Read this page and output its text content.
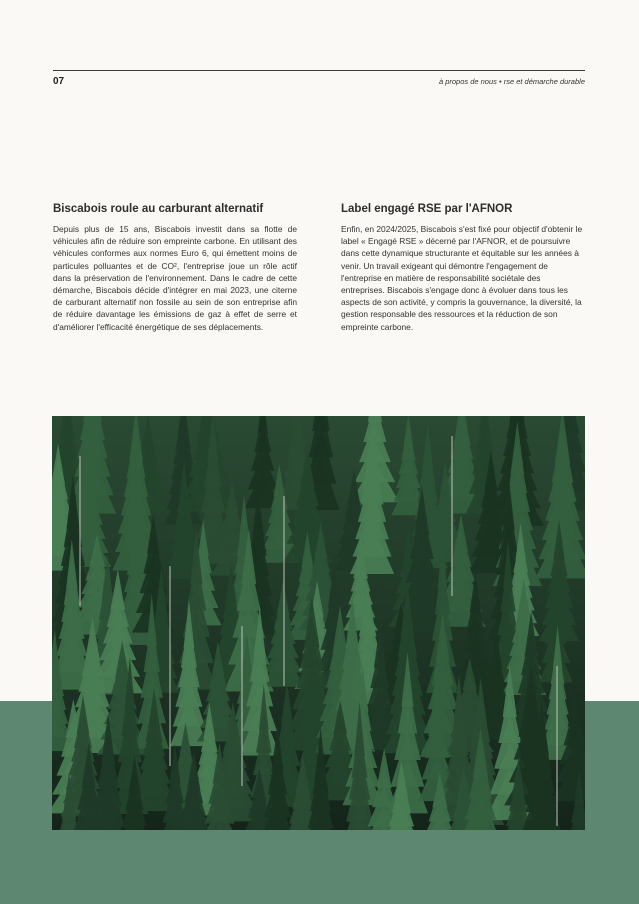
07	à propos de nous • rse et démarche durable
Biscabois roule au carburant alternatif

Depuis plus de 15 ans, Biscabois investit dans sa flotte de véhicules afin de réduire son empreinte carbone. En utilisant des véhicules conformes aux normes Euro 6, qui émettent moins de particules polluantes et de CO², l'entreprise joue un rôle actif dans la préservation de l'environnement. Dans le cadre de cette démarche, Biscabois décide d'intégrer en mai 2023, une citerne de carburant alternatif non fossile au sein de son entreprise afin de réduire davantage les émissions de gaz à effet de serre et d'améliorer l'efficacité énergétique de ses déplacements.

Label engagé RSE par l'AFNOR

Enfin, en 2024/2025, Biscabois s'est fixé pour objectif d'obtenir le label « Engagé RSE » décerné par l'AFNOR, et de poursuivre dans cette dynamique structurante et équitable sur les années à venir. Un travail exigeant qui démontre l'engagement de l'entreprise en matière de responsabilité sociétale des entreprises. Biscabois s'engage donc à évoluer dans tous les aspects de son activité, y compris la gouvernance, la diversité, la gestion responsable des ressources et la réduction de son empreinte carbone.
